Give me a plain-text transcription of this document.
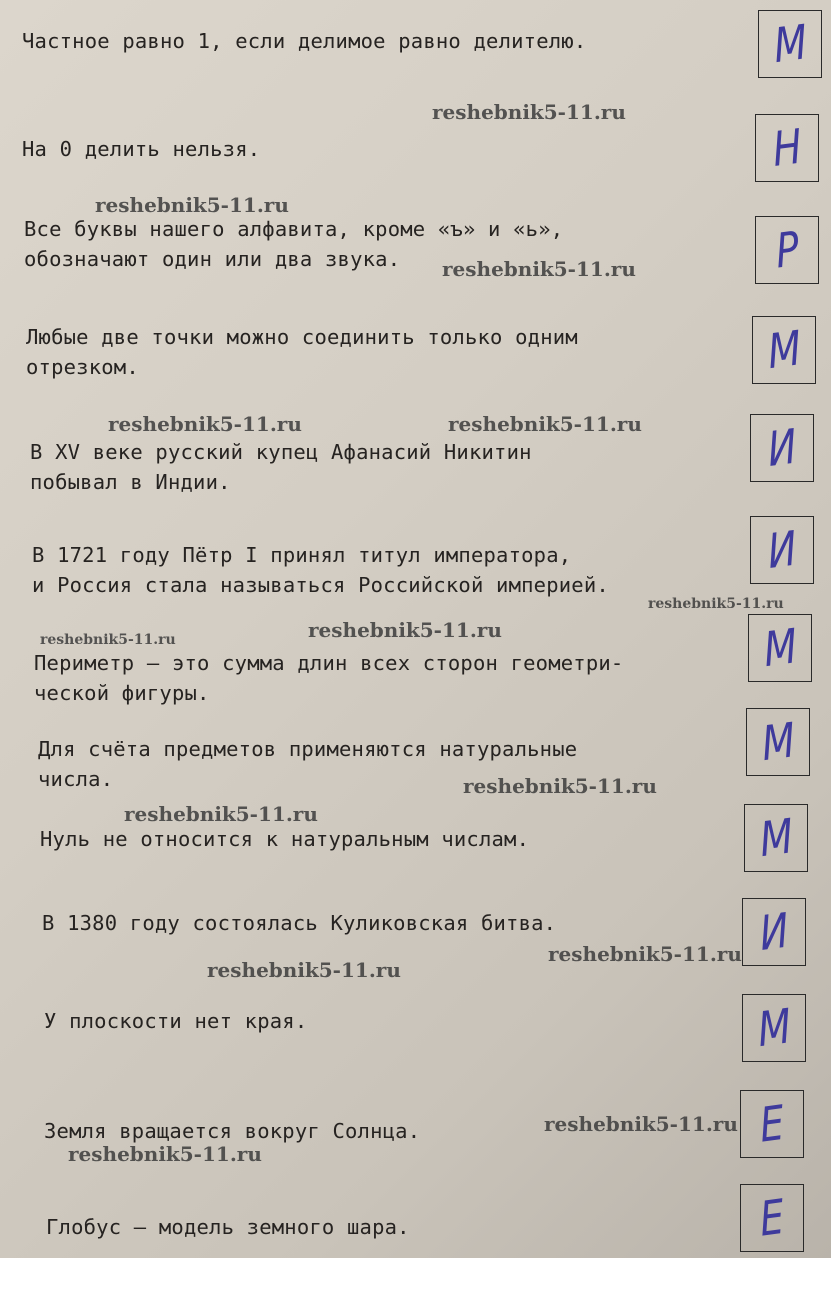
Частное равно 1, если делимое равно делителю.
На 0 делить нельзя.
Все буквы нашего алфавита, кроме «ъ» и «ь»,
обозначают один или два звука.
Любые две точки можно соединить только одним
отрезком.
В XV веке русский купец Афанасий Никитин
побывал в Индии.
В 1721 году Пётр I принял титул императора,
и Россия стала называться Российской империей.
Периметр — это сумма длин всех сторон геометри-
ческой фигуры.
Для счёта предметов применяются натуральные
числа.
Нуль не относится к натуральным числам.
В 1380 году состоялась Куликовская битва.
У плоскости нет края.
Земля вращается вокруг Солнца.
Глобус — модель земного шара.
М
Н
Р
М
И
И
М
М
М
И
М
Е
Е
reshebnik5-11.ru
reshebnik5-11.ru
reshebnik5-11.ru
reshebnik5-11.ru	reshebnik5-11.ru
reshebnik5-11.ru
reshebnik5-11.ru	reshebnik5-11.ru
reshebnik5-11.ru
reshebnik5-11.ru
reshebnik5-11.ru
reshebnik5-11.ru
reshebnik5-11.ru
reshebnik5-11.ru
